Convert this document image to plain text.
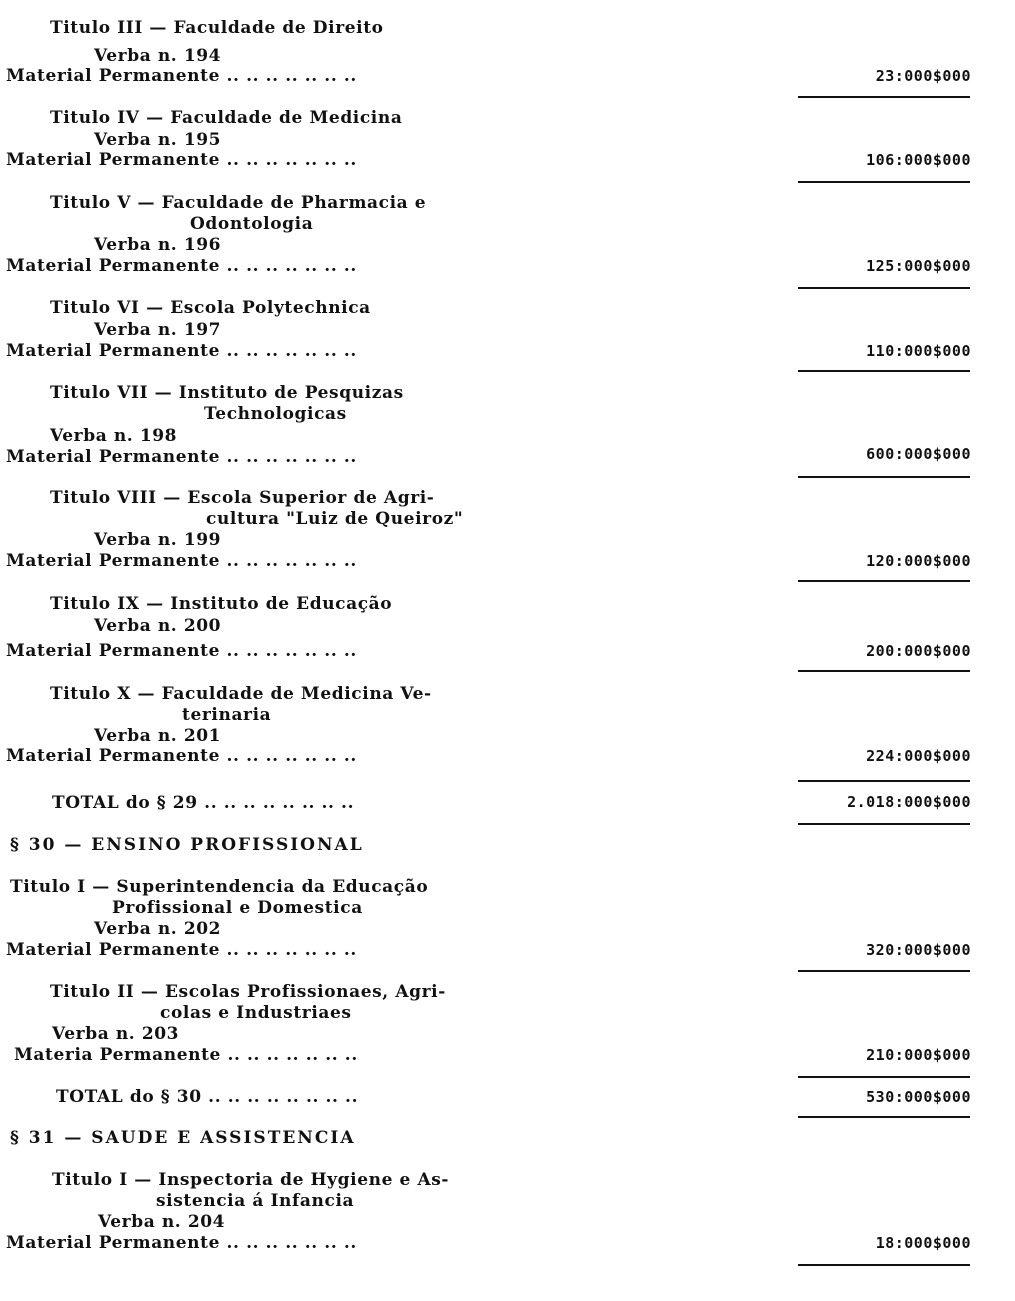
Titulo III — Faculdade de Direito
Verba n. 194
Material Permanente .. .. .. .. .. .. ..
Titulo IV — Faculdade de Medicina
Verba n. 195
Material Permanente .. .. .. .. .. .. ..
Titulo V — Faculdade de Pharmacia e
Odontologia
Verba n. 196
Material Permanente .. .. .. .. .. .. ..
Titulo VI — Escola Polytechnica
Verba n. 197
Material Permanente .. .. .. .. .. .. ..
Titulo VII — Instituto de Pesquizas
Technologicas
Verba n. 198
Material Permanente .. .. .. .. .. .. ..
Titulo VIII — Escola Superior de Agri-
cultura "Luiz de Queiroz"
Verba n. 199
Material Permanente .. .. .. .. .. .. ..
Titulo IX — Instituto de Educação
Verba n. 200
Material Permanente .. .. .. .. .. .. ..
Titulo X — Faculdade de Medicina Ve-
terinaria
Verba n. 201
Material Permanente .. .. .. .. .. .. ..
TOTAL do § 29 .. .. .. .. .. .. .. ..
§ 30 — ENSINO PROFISSIONAL
Titulo I — Superintendencia da Educação
Profissional e Domestica
Verba n. 202
Material Permanente .. .. .. .. .. .. ..
Titulo II — Escolas Profissionaes, Agri-
colas e Industriaes
Verba n. 203
Materia Permanente .. .. .. .. .. .. ..
TOTAL do § 30 .. .. .. .. .. .. .. ..
§ 31 — SAUDE E ASSISTENCIA
Titulo I — Inspectoria de Hygiene e As-
sistencia á Infancia
Verba n. 204
Material Permanente .. .. .. .. .. .. ..
23:000$000
106:000$000
125:000$000
110:000$000
600:000$000
120:000$000
200:000$000
224:000$000
2.018:000$000
320:000$000
210:000$000
530:000$000
18:000$000
